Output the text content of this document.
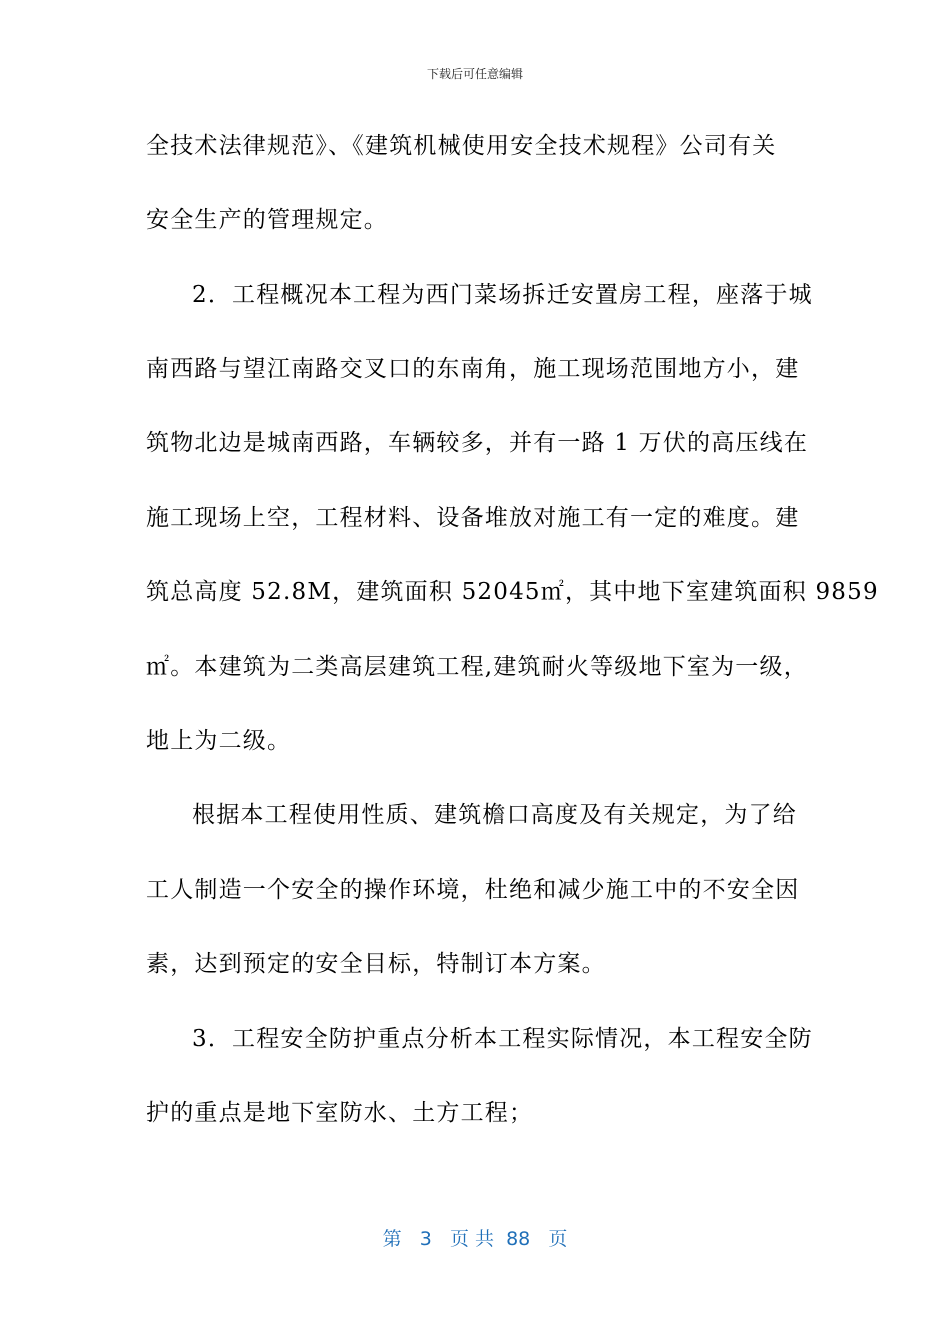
下载后可任意编辑
全技术法律规范》、《建筑机械使用安全技术规程》公司有关
安全生产的管理规定。
2．工程概况本工程为西门菜场拆迁安置房工程，座落于城
南西路与望江南路交叉口的东南角，施工现场范围地方小，建
筑物北边是城南西路，车辆较多，并有一路 1 万伏的高压线在
施工现场上空，工程材料、设备堆放对施工有一定的难度。建
筑总高度 52.8M，建筑面积 52045㎡，其中地下室建筑面积 9859
㎡。本建筑为二类高层建筑工程,建筑耐火等级地下室为一级，
地上为二级。
根据本工程使用性质、建筑檐口高度及有关规定，为了给
工人制造一个安全的操作环境，杜绝和减少施工中的不安全因
素，达到预定的安全目标，特制订本方案。
3．工程安全防护重点分析本工程实际情况，本工程安全防
护的重点是地下室防水、土方工程；
第 3 页 共 88 页
